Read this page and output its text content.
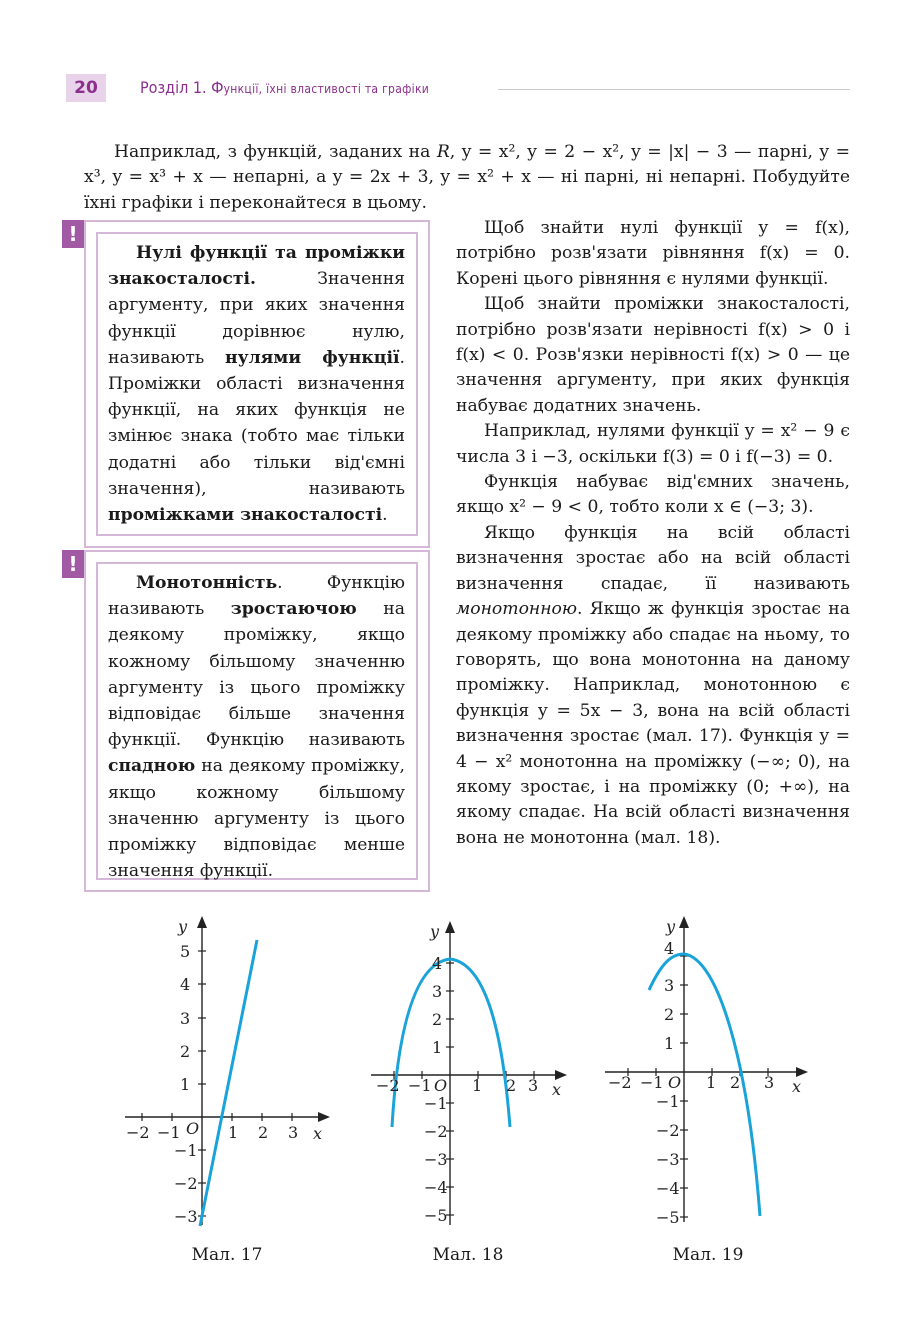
20	Розділ 1. Функції, їхні властивості та графіки

Наприклад, з функцій, заданих на R, y = x², y = 2 − x², y = |x| − 3 — парні, y = x³, y = x³ + x — непарні, а y = 2x + 3, y = x² + x — ні парні, ні непарні. Побудуйте їхні графіки і переконайтеся в цьому.

!

Нулі функції та проміжки знакосталості. Значення аргументу, при яких значення функції дорівнює нулю, називають нулями функції. Проміжки області визначення функції, на яких функція не змінює знака (тобто має тільки додатні або тільки від'ємні значення), називають проміжками знакосталості.

!

Монотонність. Функцію називають зростаючою на деякому проміжку, якщо кожному більшому значенню аргументу із цього проміжку відповідає більше значення функції. Функцію називають спадною на деякому проміжку, якщо кожному більшому значенню аргументу із цього проміжку відповідає менше значення функції.

Щоб знайти нулі функції y = f(x), потрібно розв'язати рівняння f(x) = 0. Корені цього рівняння є нулями функції.

Щоб знайти проміжки знакосталості, потрібно розв'язати нерівності f(x) > 0 і f(x) < 0. Розв'язки нерівності f(x) > 0 — це значення аргументу, при яких функція набуває додатних значень.

Наприклад, нулями функції y = x² − 9 є числа 3 і −3, оскільки f(3) = 0 і f(−3) = 0.

Функція набуває від'ємних значень, якщо x² − 9 < 0, тобто коли x ∈ (−3; 3).

Якщо функція на всій області визначення зростає або на всій області визначення спадає, її називають монотонною. Якщо ж функція зростає на деякому проміжку або спадає на ньому, то говорять, що вона монотонна на даному проміжку. Наприклад, монотонною є функція y = 5x − 3, вона на всій області визначення зростає (мал. 17). Функція y = 4 − x² монотонна на проміжку (−∞; 0), на якому зростає, і на проміжку (0; +∞), на якому спадає. На всій області визначення вона не монотонна (мал. 18).

y
x
O
−2 −1	1 2 3
5
4
3
2
1
−1
−2
−3
Мал. 17
y
x
O
−2 −1	1 2 3
4
3
2
1
−1
−2
−3
−4
−5
Мал. 18
y
x
O
−2 −1	1 2 3
4
3
2
1
−1
−2
−3
−4
−5
Мал. 19
